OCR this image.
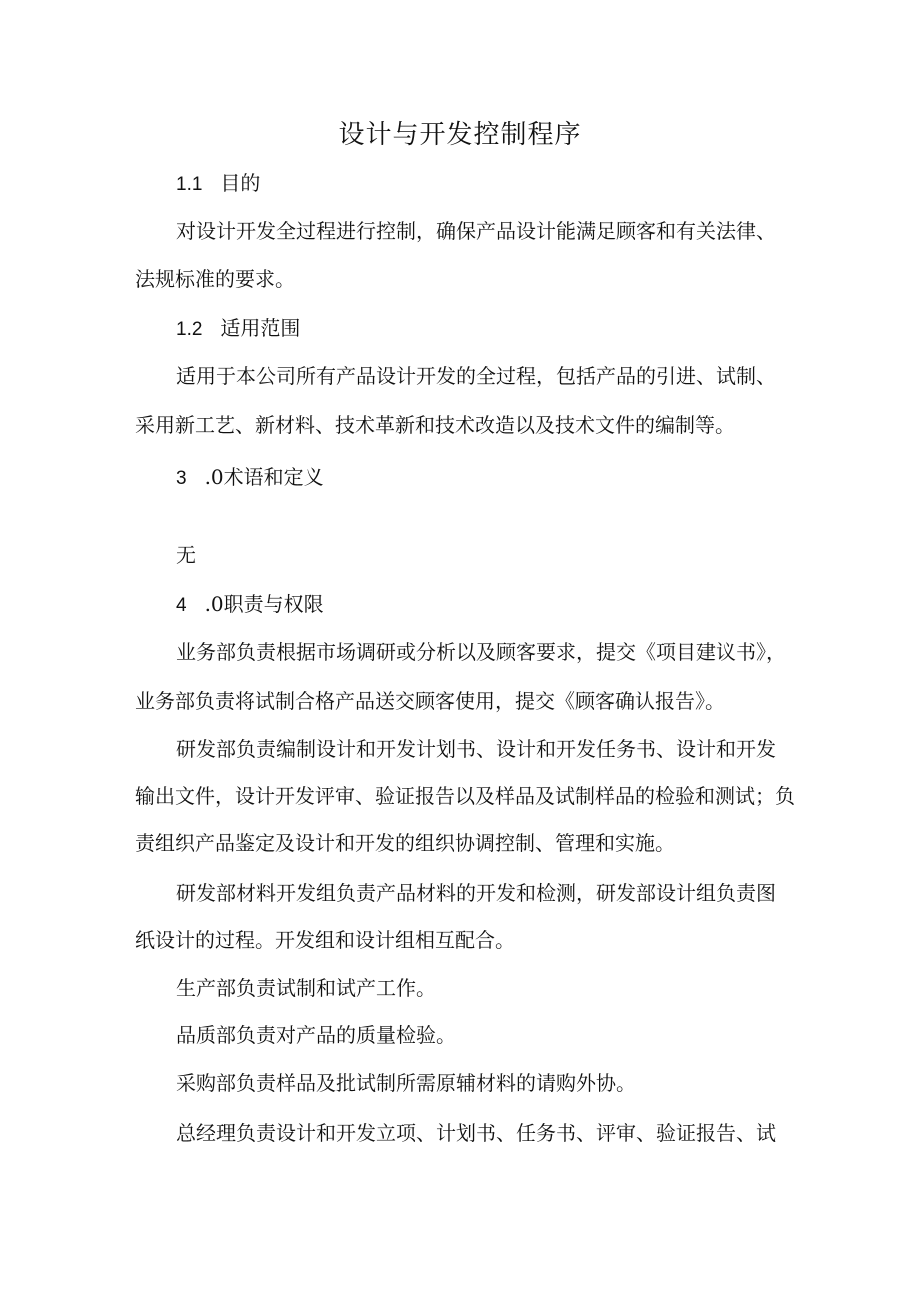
设计与开发控制程序
1.1 目的
对设计开发全过程进行控制，确保产品设计能满足顾客和有关法律、
法规标准的要求。
1.2 适用范围
适用于本公司所有产品设计开发的全过程，包括产品的引进、试制、
采用新工艺、新材料、技术革新和技术改造以及技术文件的编制等。
3 .0术语和定义
无
4 .0职责与权限
业务部负责根据市场调研或分析以及顾客要求，提交《项目建议书》，
业务部负责将试制合格产品送交顾客使用，提交《顾客确认报告》。
研发部负责编制设计和开发计划书、设计和开发任务书、设计和开发
输出文件，设计开发评审、验证报告以及样品及试制样品的检验和测试；负
责组织产品鉴定及设计和开发的组织协调控制、管理和实施。
研发部材料开发组负责产品材料的开发和检测，研发部设计组负责图
纸设计的过程。开发组和设计组相互配合。
生产部负责试制和试产工作。
品质部负责对产品的质量检验。
采购部负责样品及批试制所需原辅材料的请购外协。
总经理负责设计和开发立项、计划书、任务书、评审、验证报告、试
